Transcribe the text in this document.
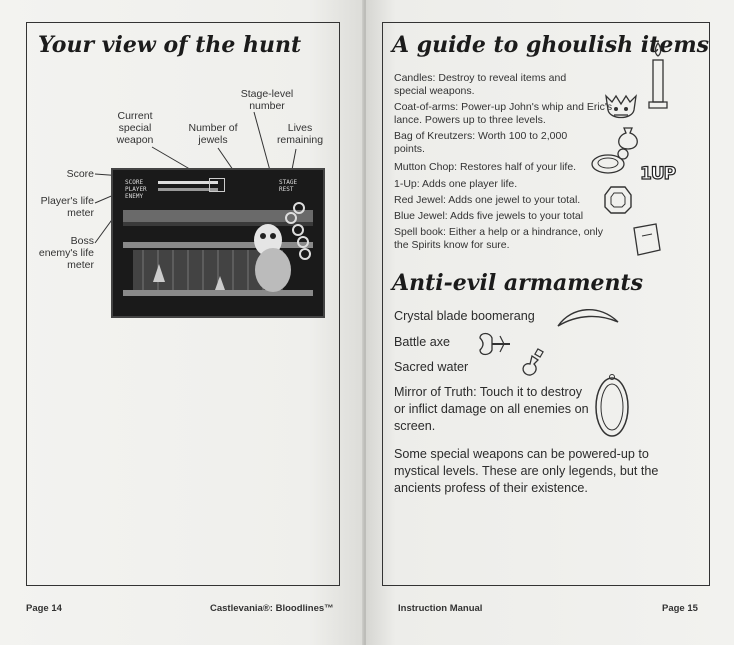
Your view of the hunt
Stage-level number
Current special weapon
Number of jewels
Lives remaining
Score
Player's life meter
Boss enemy's life meter
SCORE
PLAYER
ENEMY
STAGE
REST
Page 14	Castlevania®: Bloodlines™
A guide to ghoulish items
Candles: Destroy to reveal items and special weapons.
Coat-of-arms: Power-up John's whip and Eric's lance. Powers up to three levels.
Bag of Kreutzers: Worth 100 to 2,000 points.
Mutton Chop: Restores half of your life.
1-Up: Adds one player life.
Red Jewel: Adds one jewel to your total.
Blue Jewel: Adds five jewels to your total
Spell book: Either a help or a hindrance, only the Spirits know for sure.
1UP
Anti-evil armaments
Crystal blade boomerang
Battle axe
Sacred water
Mirror of Truth: Touch it to destroy or inflict damage on all enemies on screen.
Some special weapons can be powered-up to mystical levels. These are only legends, but the ancients profess of their existence.
Instruction Manual	Page 15
